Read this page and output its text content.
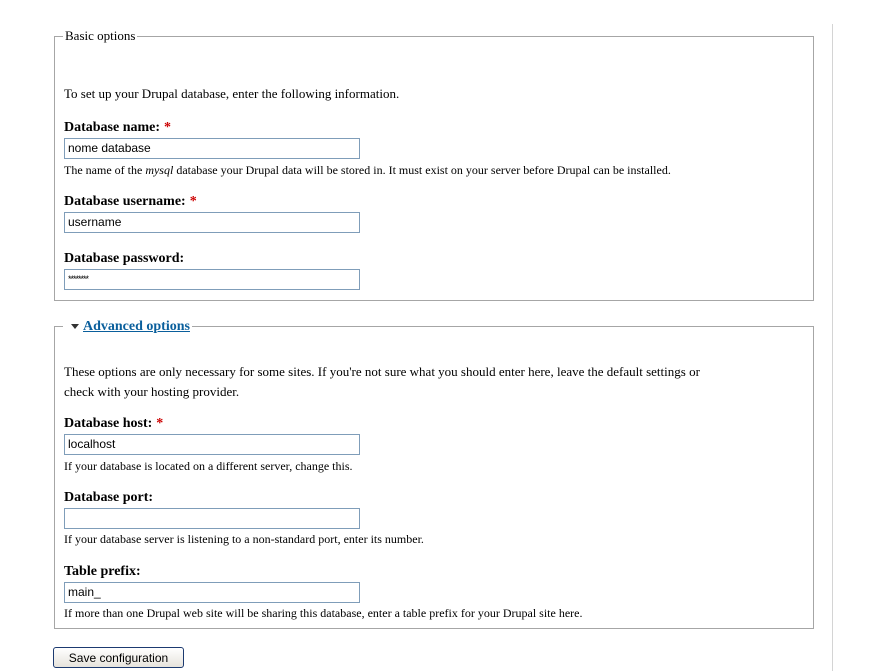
Basic options
To set up your Drupal database, enter the following information.
Database name: *
nome database
The name of the mysql database your Drupal data will be stored in. It must exist on your server before Drupal can be installed.
Database username: *
username
Database password:
********
Advanced options
These options are only necessary for some sites. If you're not sure what you should enter here, leave the default settings or
check with your hosting provider.
Database host: *
localhost
If your database is located on a different server, change this.
Database port:
If your database server is listening to a non-standard port, enter its number.
Table prefix:
main_
If more than one Drupal web site will be sharing this database, enter a table prefix for your Drupal site here.
Save configuration
